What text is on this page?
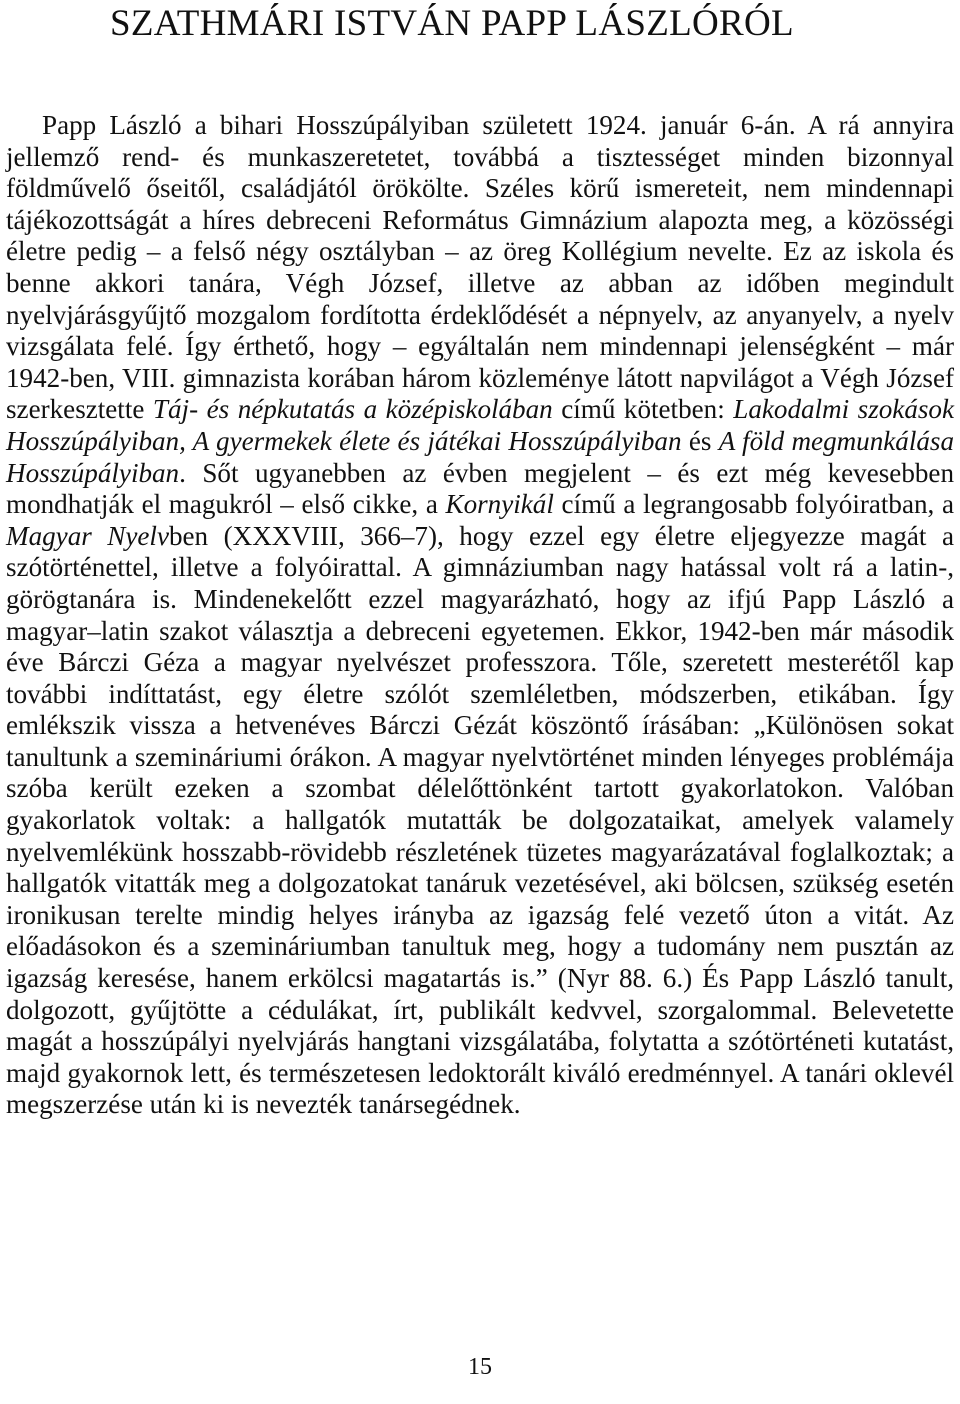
SZATHMÁRI ISTVÁN PAPP LÁSZLÓRÓL

Papp László a bihari Hosszúpályiban született 1924. január 6-án. A rá annyira jellemző rend- és munkaszeretetet, továbbá a tisztességet minden bizonnyal földművelő őseitől, családjától örökölte. Széles körű ismereteit, nem mindennapi tájékozottságát a híres debreceni Református Gimnázium alapozta meg, a közösségi életre pedig – a felső négy osztályban – az öreg Kollégium nevelte. Ez az iskola és benne akkori tanára, Végh József, illetve az abban az időben megindult nyelvjárásgyűjtő mozgalom fordította érdeklődését a népnyelv, az anyanyelv, a nyelv vizsgálata felé. Így érthető, hogy – egyáltalán nem mindennapi jelenségként – már 1942-ben, VIII. gimnazista korában három közleménye látott napvilágot a Végh József szerkesztette Táj- és népkutatás a középiskolában című kötetben: Lakodalmi szokások Hosszúpályiban, A gyermekek élete és játékai Hosszúpályiban és A föld megmunkálása Hosszúpályiban. Sőt ugyanebben az évben megjelent – és ezt még kevesebben mondhatják el magukról – első cikke, a Kornyikál című a legrangosabb folyóiratban, a Magyar Nyelvben (XXXVIII, 366–7), hogy ezzel egy életre eljegyezze magát a szótörténettel, illetve a folyóirattal. A gimnáziumban nagy hatással volt rá a latin-, görögtanára is. Mindenekelőtt ezzel magyarázható, hogy az ifjú Papp László a magyar–latin szakot választja a debreceni egyetemen. Ekkor, 1942-ben már második éve Bárczi Géza a magyar nyelvészet professzora. Tőle, szeretett mesterétől kap további indíttatást, egy életre szólót szemléletben, módszerben, etikában. Így emlékszik vissza a hetvenéves Bárczi Gézát köszöntő írásában: „Különösen sokat tanultunk a szemináriumi órákon. A magyar nyelvtörténet minden lényeges problémája szóba került ezeken a szombat délelőttönként tartott gyakorlatokon. Valóban gyakorlatok voltak: a hallgatók mutatták be dolgozataikat, amelyek valamely nyelvemlékünk hosszabb-rövidebb részletének tüzetes magyarázatával foglalkoztak; a hallgatók vitatták meg a dolgozatokat tanáruk vezetésével, aki bölcsen, szükség esetén ironikusan terelte mindig helyes irányba az igazság felé vezető úton a vitát. Az előadásokon és a szemináriumban tanultuk meg, hogy a tudomány nem pusztán az igazság keresése, hanem erkölcsi magatartás is.” (Nyr 88. 6.) És Papp László tanult, dolgozott, gyűjtötte a cédulákat, írt, publikált kedvvel, szorgalommal. Belevetette magát a hosszúpályi nyelvjárás hangtani vizsgálatába, folytatta a szótörténeti kutatást, majd gyakornok lett, és természetesen ledoktorált kiváló eredménnyel. A tanári oklevél megszerzése után ki is nevezték tanársegédnek.

15
